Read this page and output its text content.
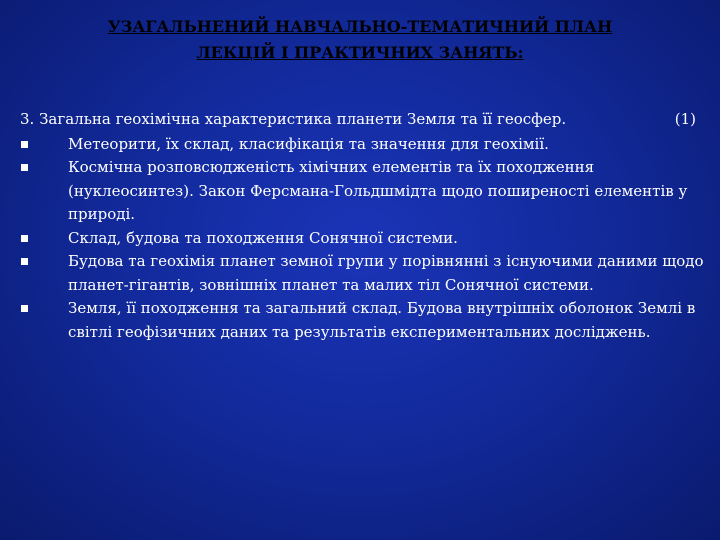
УЗАГАЛЬНЕНИЙ НАВЧАЛЬНО-ТЕМАТИЧНИЙ ПЛАН
ЛЕКЦІЙ І ПРАКТИЧНИХ ЗАНЯТЬ:
3. Загальна геохімічна характеристика планети Земля та її геосфер.	(1)
Метеорити, їх склад, класифікація та значення для геохімії.
Космічна розповсюдженість хімічних елементів та їх походження (нуклеосинтез). Закон Ферсмана-Гольдшмідта щодо поширеності елементів у природі.
Склад, будова та походження Сонячної системи.
Будова та геохімія планет земної групи у порівнянні з існуючими даними щодо планет-гігантів, зовнішніх планет та малих тіл Сонячної системи.
Земля, її походження та загальний склад. Будова внутрішніх оболонок Землі в світлі геофізичних даних та результатів експериментальних досліджень.
